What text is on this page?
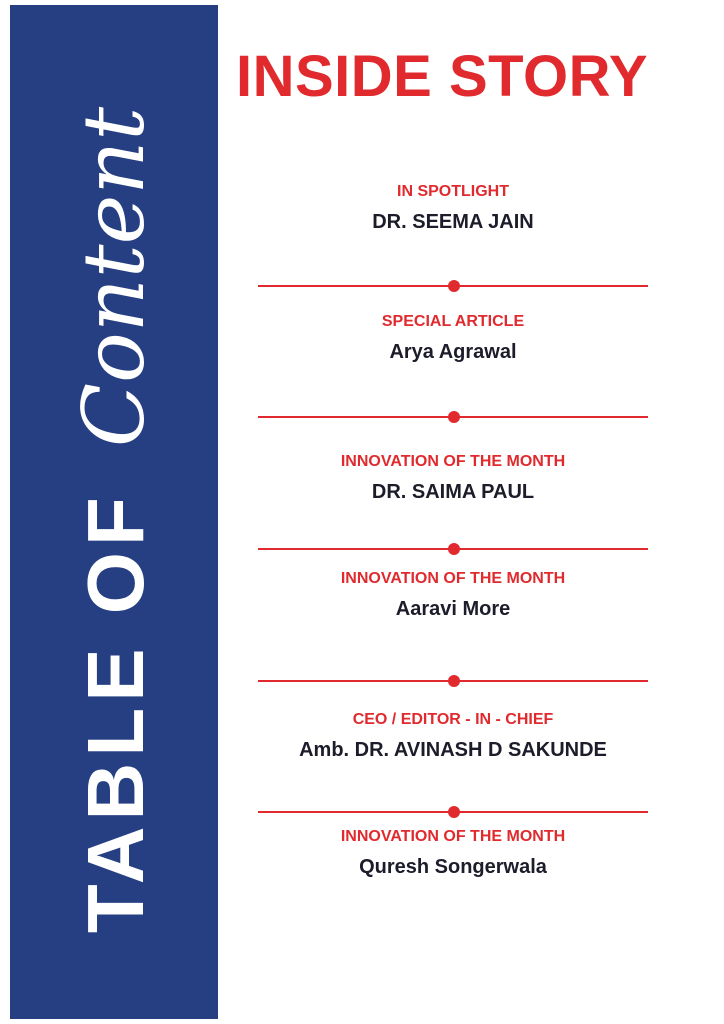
TABLE OF
Content
INSIDE STORY
IN SPOTLIGHT
DR. SEEMA JAIN
SPECIAL ARTICLE
Arya Agrawal
INNOVATION OF THE MONTH
DR. SAIMA PAUL
INNOVATION OF THE MONTH
Aaravi More
CEO / EDITOR - IN - CHIEF
Amb. DR. AVINASH D SAKUNDE
INNOVATION OF THE MONTH
Quresh Songerwala
